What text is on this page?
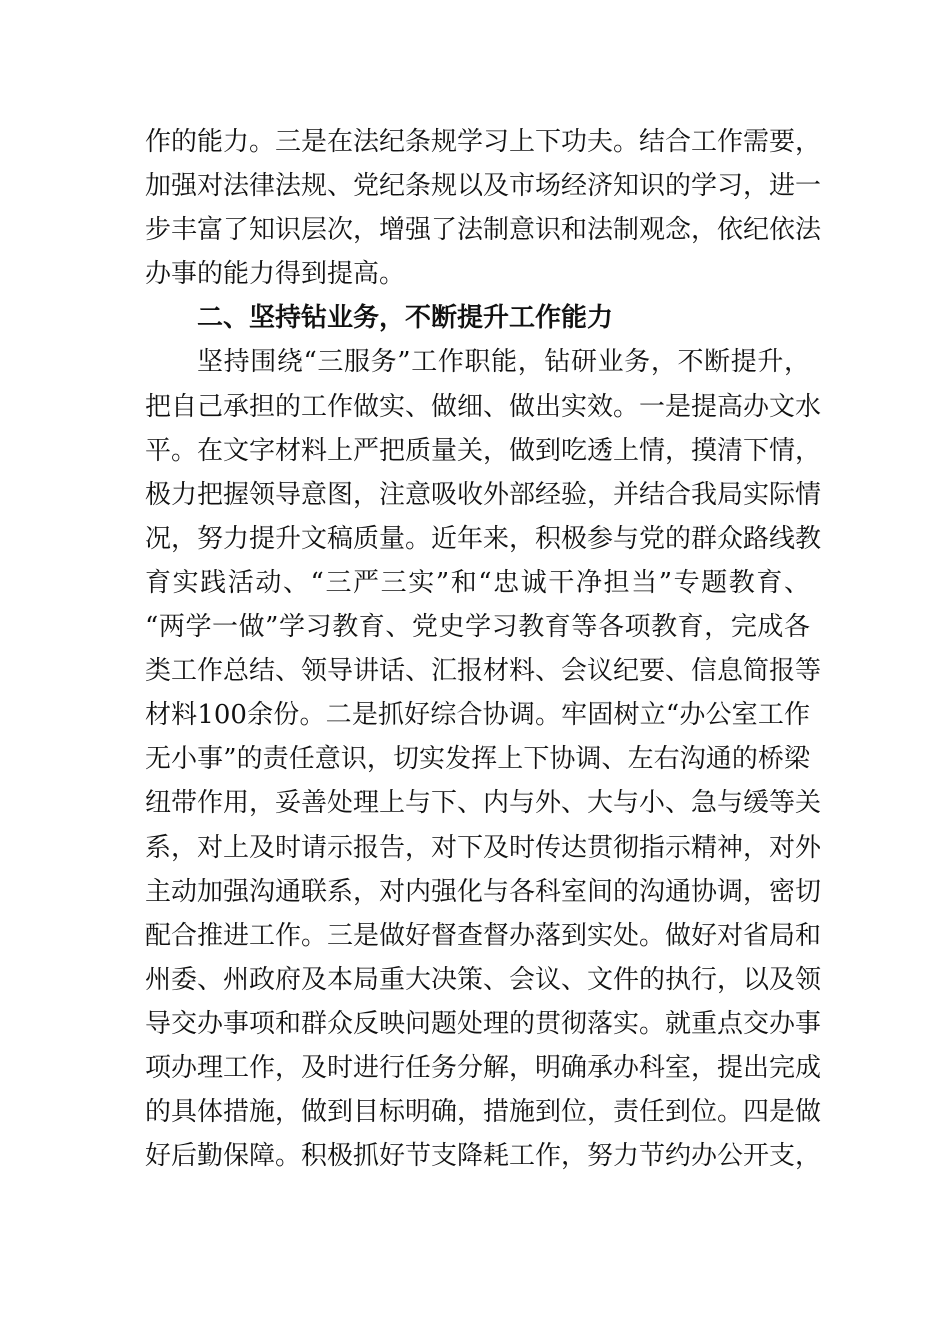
作的能力。三是在法纪条规学习上下功夫。结合工作需要，
加强对法律法规、党纪条规以及市场经济知识的学习，进一
步丰富了知识层次，增强了法制意识和法制观念，依纪依法
办事的能力得到提高。
二、坚持钻业务，不断提升工作能力
坚持围绕“三服务”工作职能，钻研业务，不断提升，
把自己承担的工作做实、做细、做出实效。一是提高办文水
平。在文字材料上严把质量关，做到吃透上情，摸清下情，
极力把握领导意图，注意吸收外部经验，并结合我局实际情
况，努力提升文稿质量。近年来，积极参与党的群众路线教
育实践活动、“三严三实”和“忠诚干净担当”专题教育、
“两学一做”学习教育、党史学习教育等各项教育，完成各
类工作总结、领导讲话、汇报材料、会议纪要、信息简报等
材料100余份。二是抓好综合协调。牢固树立“办公室工作
无小事”的责任意识，切实发挥上下协调、左右沟通的桥梁
纽带作用，妥善处理上与下、内与外、大与小、急与缓等关
系，对上及时请示报告，对下及时传达贯彻指示精神，对外
主动加强沟通联系，对内强化与各科室间的沟通协调，密切
配合推进工作。三是做好督查督办落到实处。做好对省局和
州委、州政府及本局重大决策、会议、文件的执行，以及领
导交办事项和群众反映问题处理的贯彻落实。就重点交办事
项办理工作，及时进行任务分解，明确承办科室，提出完成
的具体措施，做到目标明确，措施到位，责任到位。四是做
好后勤保障。积极抓好节支降耗工作，努力节约办公开支，
